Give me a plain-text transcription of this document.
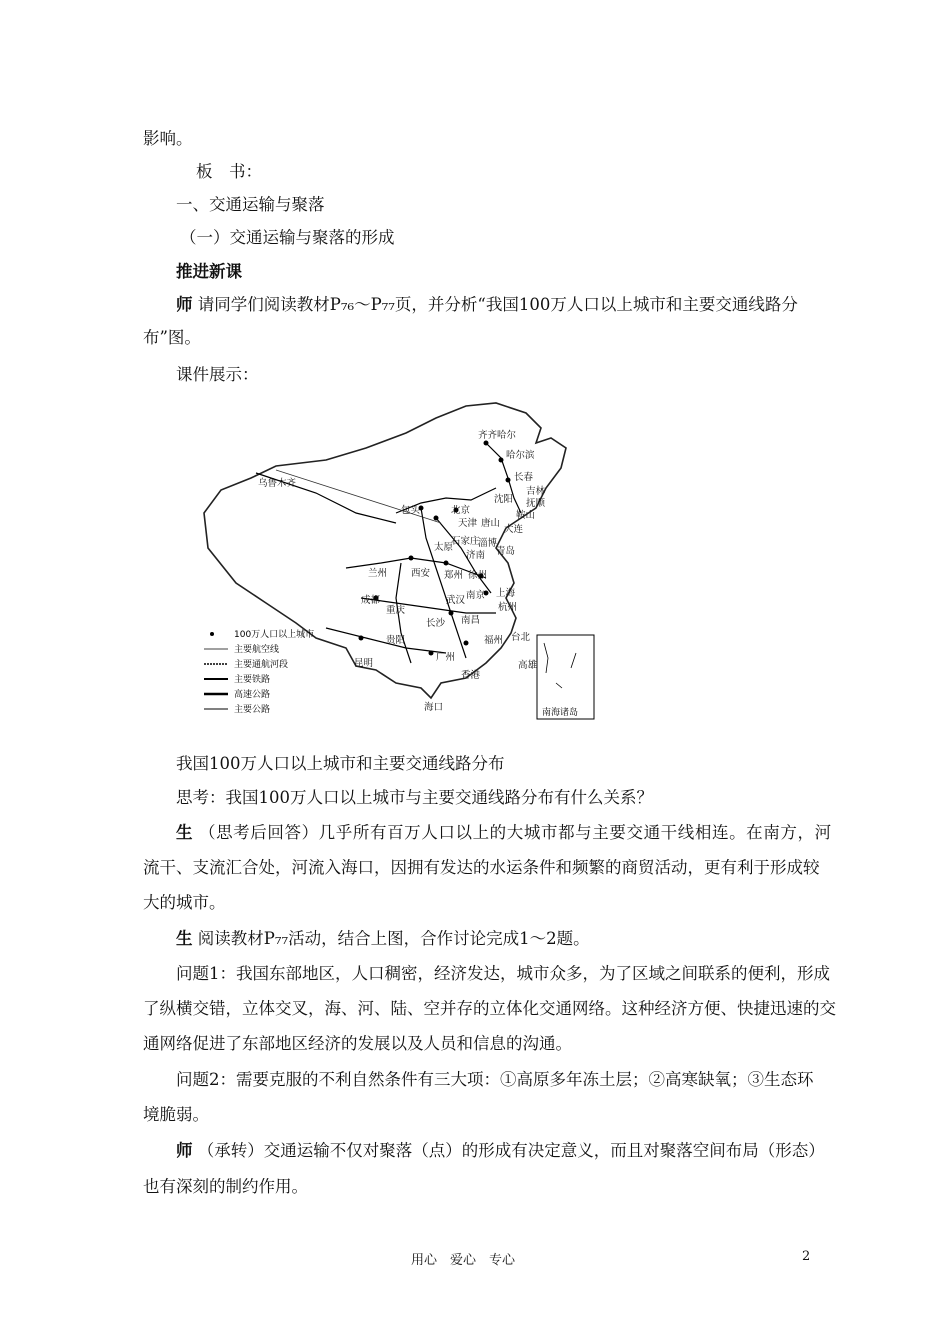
影响。
板　书：
一、交通运输与聚落
（一）交通运输与聚落的形成
推进新课
师 请同学们阅读教材P₇₆～P₇₇页，并分析“我国100万人口以上城市和主要交通线路分
布”图。
课件展示：
齐齐哈尔
哈尔滨
长春
吉林
沈阳 抚顺
鞍山
大连
乌鲁木齐
包头	北京
天津 唐山
太原
石家庄
淄博
济南 青岛
兰州	西安 郑州 徐州
南京 上海
杭州
成都
重庆
武汉
长沙 南昌
福州
贵阳
昆明
广州
香港
台北
高雄
海口
100万人口以上城市
主要航空线
主要通航河段
主要铁路
高速公路
主要公路	南海诸岛
我国100万人口以上城市和主要交通线路分布
思考：我国100万人口以上城市与主要交通线路分布有什么关系？
生 （思考后回答）几乎所有百万人口以上的大城市都与主要交通干线相连。在南方，河
流干、支流汇合处，河流入海口，因拥有发达的水运条件和频繁的商贸活动，更有利于形成较
大的城市。
生 阅读教材P₇₇活动，结合上图，合作讨论完成1～2题。
问题1：我国东部地区，人口稠密，经济发达，城市众多，为了区域之间联系的便利，形成
了纵横交错，立体交叉，海、河、陆、空并存的立体化交通网络。这种经济方便、快捷迅速的交
通网络促进了东部地区经济的发展以及人员和信息的沟通。
问题2：需要克服的不利自然条件有三大项：①高原多年冻土层；②高寒缺氧；③生态环
境脆弱。
师 （承转）交通运输不仅对聚落（点）的形成有决定意义，而且对聚落空间布局（形态）
也有深刻的制约作用。
用心　爱心　专心	2
